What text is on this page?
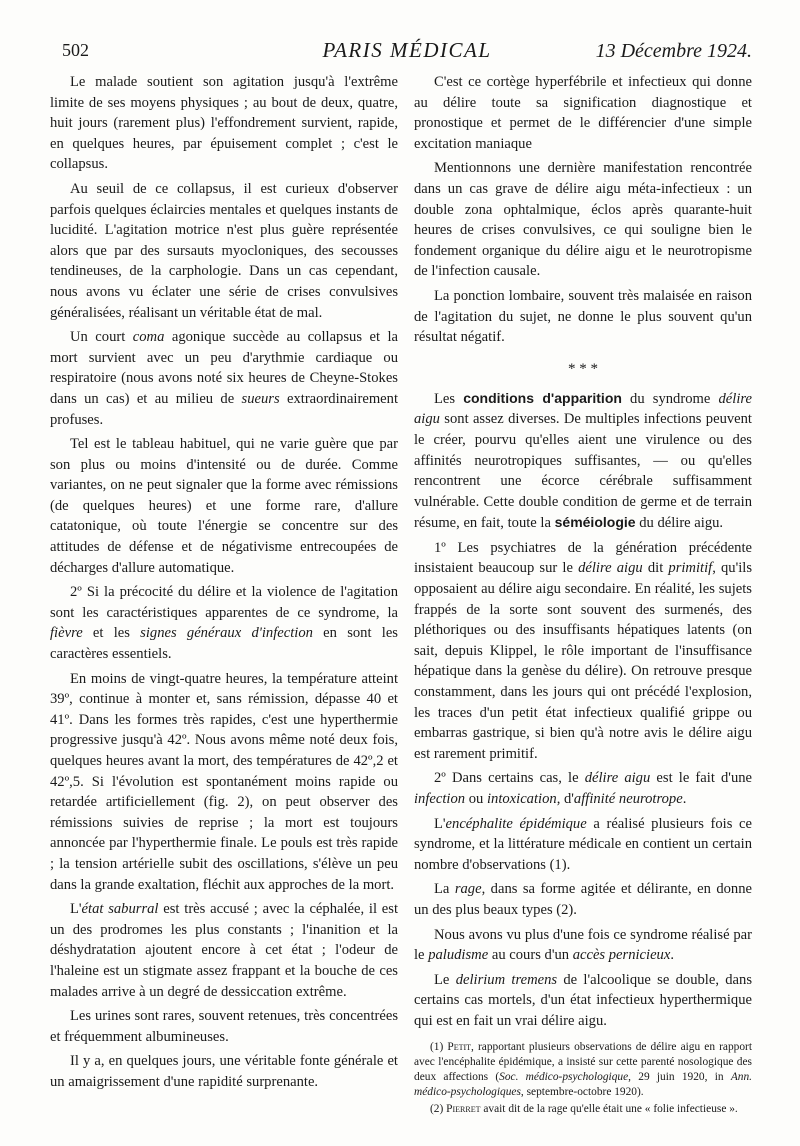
502	PARIS MÉDICAL	13 Décembre 1924.

Le malade soutient son agitation jusqu'à l'extrême limite de ses moyens physiques ; au bout de deux, quatre, huit jours (rarement plus) l'effondrement survient, rapide, en quelques heures, par épuisement complet ; c'est le collapsus.

Au seuil de ce collapsus, il est curieux d'observer parfois quelques éclaircies mentales et quelques instants de lucidité. L'agitation motrice n'est plus guère représentée alors que par des sursauts myocloniques, des secousses tendineuses, de la carphologie. Dans un cas cependant, nous avons vu éclater une série de crises convulsives généralisées, réalisant un véritable état de mal.

Un court coma agonique succède au collapsus et la mort survient avec un peu d'arythmie cardiaque ou respiratoire (nous avons noté six heures de Cheyne-Stokes dans un cas) et au milieu de sueurs extraordinairement profuses.

Tel est le tableau habituel, qui ne varie guère que par son plus ou moins d'intensité ou de durée. Comme variantes, on ne peut signaler que la forme avec rémissions (de quelques heures) et une forme rare, d'allure catatonique, où toute l'énergie se concentre sur des attitudes de défense et de négativisme entrecoupées de décharges d'allure automatique.

2º Si la précocité du délire et la violence de l'agitation sont les caractéristiques apparentes de ce syndrome, la fièvre et les signes généraux d'infection en sont les caractères essentiels.

En moins de vingt-quatre heures, la température atteint 39º, continue à monter et, sans rémission, dépasse 40 et 41º. Dans les formes très rapides, c'est une hyperthermie progressive jusqu'à 42º. Nous avons même noté deux fois, quelques heures avant la mort, des températures de 42º,2 et 42º,5. Si l'évolution est spontanément moins rapide ou retardée artificiellement (fig. 2), on peut observer des rémissions suivies de reprise ; la mort est toujours annoncée par l'hyperthermie finale. Le pouls est très rapide ; la tension artérielle subit des oscillations, s'élève un peu dans la grande exaltation, fléchit aux approches de la mort.

L'état saburral est très accusé ; avec la céphalée, il est un des prodromes les plus constants ; l'inanition et la déshydratation ajoutent encore à cet état ; l'odeur de l'haleine est un stigmate assez frappant et la bouche de ces malades arrive à un degré de dessiccation extrême.

Les urines sont rares, souvent retenues, très concentrées et fréquemment albumineuses.

Il y a, en quelques jours, une véritable fonte générale et un amaigrissement d'une rapidité surprenante.

C'est ce cortège hyperfébrile et infectieux qui donne au délire toute sa signification diagnostique et pronostique et permet de le différencier d'une simple excitation maniaque

Mentionnons une dernière manifestation rencontrée dans un cas grave de délire aigu méta-infectieux : un double zona ophtalmique, éclos après quarante-huit heures de crises convulsives, ce qui souligne bien le fondement organique du délire aigu et le neurotropisme de l'infection causale.

La ponction lombaire, souvent très malaisée en raison de l'agitation du sujet, ne donne le plus souvent qu'un résultat négatif.

* * *

Les conditions d'apparition du syndrome délire aigu sont assez diverses. De multiples infections peuvent le créer, pourvu qu'elles aient une virulence ou des affinités neurotropiques suffisantes, — ou qu'elles rencontrent une écorce cérébrale suffisamment vulnérable. Cette double condition de germe et de terrain résume, en fait, toute la séméiologie du délire aigu.

1º Les psychiatres de la génération précédente insistaient beaucoup sur le délire aigu dit primitif, qu'ils opposaient au délire aigu secondaire. En réalité, les sujets frappés de la sorte sont souvent des surmenés, des pléthoriques ou des insuffisants hépatiques latents (on sait, depuis Klippel, le rôle important de l'insuffisance hépatique dans la genèse du délire). On retrouve presque constamment, dans les jours qui ont précédé l'explosion, les traces d'un petit état infectieux qualifié grippe ou embarras gastrique, si bien qu'à notre avis le délire aigu est rarement primitif.

2º Dans certains cas, le délire aigu est le fait d'une infection ou intoxication, d'affinité neurotrope.

L'encéphalite épidémique a réalisé plusieurs fois ce syndrome, et la littérature médicale en contient un certain nombre d'observations (1).

La rage, dans sa forme agitée et délirante, en donne un des plus beaux types (2).

Nous avons vu plus d'une fois ce syndrome réalisé par le paludisme au cours d'un accès pernicieux.

Le delirium tremens de l'alcoolique se double, dans certains cas mortels, d'un état infectieux hyperthermique qui est en fait un vrai délire aigu.

(1) Petit, rapportant plusieurs observations de délire aigu en rapport avec l'encéphalite épidémique, a insisté sur cette parenté nosologique des deux affections (Soc. médico-psychologique, 29 juin 1920, in Ann. médico-psychologiques, septembre-octobre 1920).

(2) Pierret avait dit de la rage qu'elle était une « folie infectieuse ».
